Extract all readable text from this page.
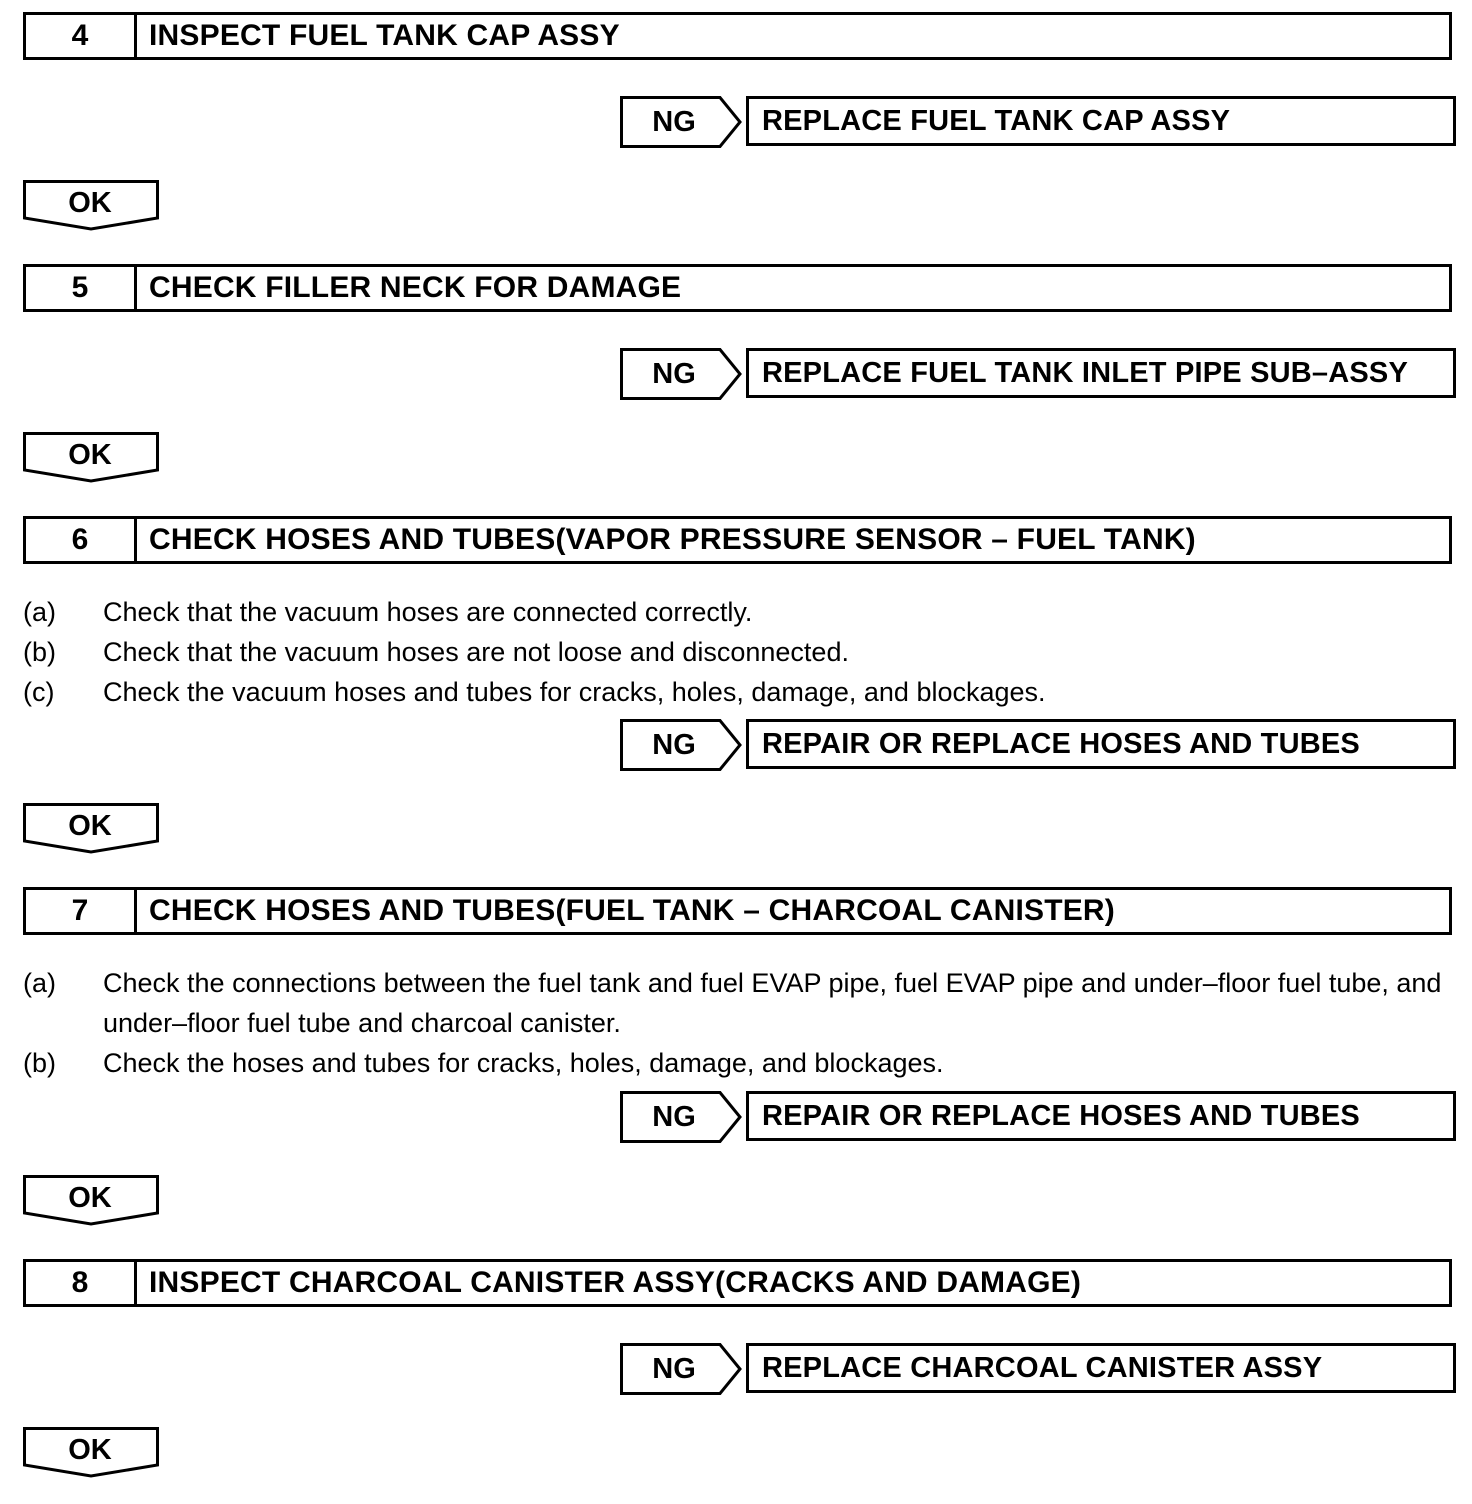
4	INSPECT FUEL TANK CAP ASSY
NG	REPLACE FUEL TANK CAP ASSY
OK
5	CHECK FILLER NECK FOR DAMAGE
NG	REPLACE FUEL TANK INLET PIPE SUB–ASSY
OK
6	CHECK HOSES AND TUBES(VAPOR PRESSURE SENSOR – FUEL TANK)
(a)	Check that the vacuum hoses are connected correctly.
(b)	Check that the vacuum hoses are not loose and disconnected.
(c)	Check the vacuum hoses and tubes for cracks, holes, damage, and blockages.
NG	REPAIR OR REPLACE HOSES AND TUBES
OK
7	CHECK HOSES AND TUBES(FUEL TANK – CHARCOAL CANISTER)
(a)	Check the connections between the fuel tank and fuel EVAP pipe, fuel EVAP pipe and under–floor fuel tube, and under–floor fuel tube and charcoal canister.
(b)	Check the hoses and tubes for cracks, holes, damage, and blockages.
NG	REPAIR OR REPLACE HOSES AND TUBES
OK
8	INSPECT CHARCOAL CANISTER ASSY(CRACKS AND DAMAGE)
NG	REPLACE CHARCOAL CANISTER ASSY
OK
